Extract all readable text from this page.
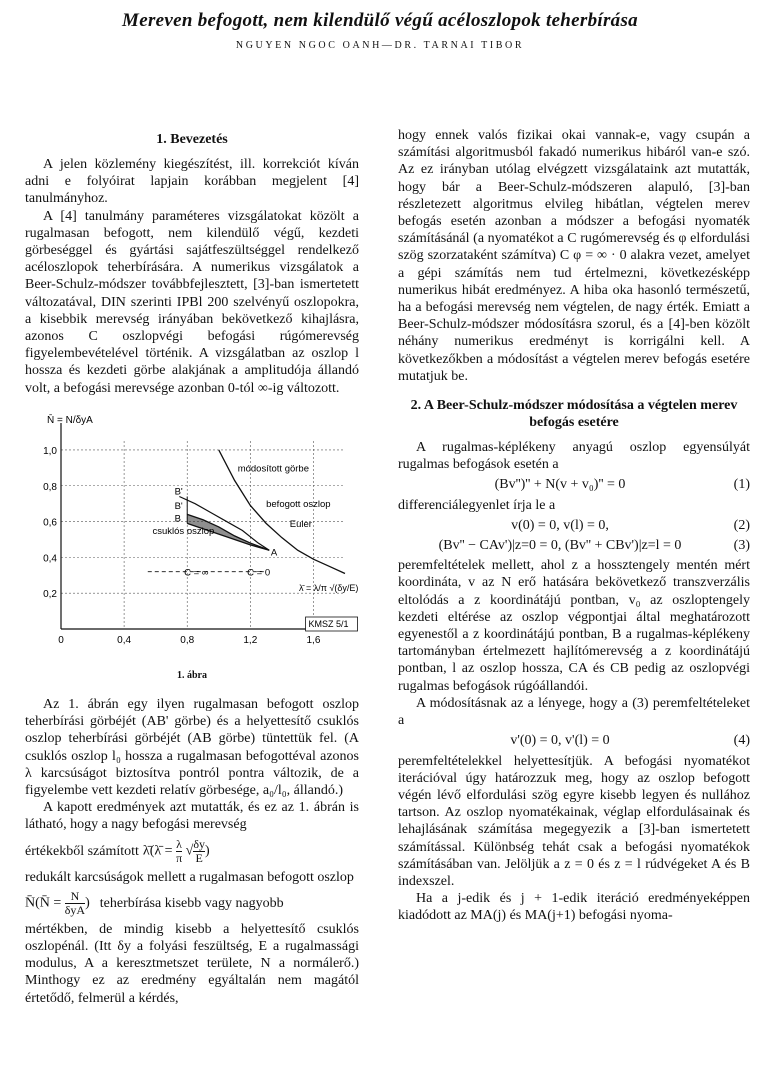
Mereven befogott, nem kilendülő végű acéloszlopok teherbírása
NGUYEN NGOC OANH—DR. TARNAI TIBOR
1. Bevezetés

A jelen közlemény kiegészítést, ill. korrekciót kíván adni e folyóirat lapjain korábban megjelent [4] tanulmányhoz.

A [4] tanulmány paraméteres vizsgálatokat közölt a rugalmasan befogott, nem kilendülő végű, kezdeti görbeséggel és gyártási sajátfeszültséggel rendelkező acéloszlopok teherbírására. A numerikus vizsgálatok a Beer-Schulz-módszer továbbfejlesztett, [3]-ban ismertetett változatával, DIN szerinti IPBl 200 szelvényű oszlopokra, a kisebbik merevség irányában bekövetkező kihajlásra, azonos C oszlopvégi befogási rúgómerevség figyelembevételével történik. A vizsgálatban az oszlop l hossza és kezdeti görbe alakjának a amplitudója állandó volt, a befogási merevsége azonban 0-tól ∞-ig változott.

1,0
0,8
0,6
0,4
0,2
0	0,4	0,8	1,2	1,6
N̄ = N/δyA
λ̄ = λ/π √(δy/E)
módosított görbe
befogott oszlop
Euler
csuklós oszlop
B'
B'
B
A
C = ∞	C = 0
KMSZ 5/1
1. ábra

Az 1. ábrán egy ilyen rugalmasan befogott oszlop teherbírási görbéjét (AB' görbe) és a helyettesítő csuklós oszlop teherbírási görbéjét (AB görbe) tüntettük fel. (A csuklós oszlop l₀ hossza a rugalmasan befogottéval azonos λ karcsúságot biztosítva pontról pontra változik, de a figyelembe vett kezdeti relatív görbesége, a₀/l₀, állandó.)

A kapott eredmények azt mutatták, és ez az 1. ábrán is látható, hogy a nagy befogási merevség

értékekből számított λ̄(λ̄ = $\frac{\lambda}{\pi}$ √ $\frac{\delta y}{E}$ )

redukált karcsúságok mellett a rugalmasan befogott oszlop

N̄(N̄ = $\frac{N}{\text{δyA}}$ ) teherbírása kisebb vagy nagyobb

mértékben, de mindig kisebb a helyettesítő csuklós oszlopénál. (Itt δy a folyási feszültség, E a rugalmassági modulus, A a keresztmetszet területe, N a normálerő.) Minthogy ez az eredmény egyáltalán nem magától értetődő, felmerül a kérdés,

hogy ennek valós fizikai okai vannak-e, vagy csupán a számítási algoritmusból fakadó numerikus hibáról van-e szó. Az ez irányban utólag elvégzett vizsgálataink azt mutatták, hogy bár a Beer-Schulz-módszeren alapuló, [3]-ban részletezett algoritmus elvileg hibátlan, végtelen merev befogás esetén azonban a módszer a befogási nyomaték számításánál (a nyomatékot a C rugómerevség és φ elfordulási szög szorzataként számítva) C φ = ∞ · 0 alakra vezet, amelyet a gépi számítás nem tud értelmezni, következésképp numerikus hibát eredményez. A hiba oka hasonló természetű, ha a befogási merevség nem végtelen, de nagy érték. Emiatt a Beer-Schulz-módszer módosításra szorul, és a [4]-ben közölt néhány numerikus eredményt is korrigálni kell. A következőkben a módosítást a végtelen merev befogás esetére mutatjuk be.

2. A Beer-Schulz-módszer módosítása a végtelen merev befogás esetére

A rugalmas-képlékeny anyagú oszlop egyensúlyát rugalmas befogások esetén a

(Bv'')'' + N(v + v₀)'' = 0	(1)

differenciálegyenlet írja le a

v(0) = 0, v(l) = 0,	(2)
(Bv'' − CAv')|z=0 = 0, (Bv'' + CBv')|z=l = 0	(3)

peremfeltételek mellett, ahol z a hossztengely mentén mért koordináta, v az N erő hatására bekövetkező transzverzális eltolódás a z koordinátájú pontban, v₀ az oszloptengely kezdeti eltérése az oszlop végpontjai által meghatározott egyenestől a z koordinátájú pontban, B a rugalmas-képlékeny tartományban értelmezett hajlítómerevség a z koordinátájú pontban, l az oszlop hossza, CA és CB pedig az oszlopvégi rugalmas befogások rúgóállandói.

A módosításnak az a lényege, hogy a (3) peremfeltételeket a

v'(0) = 0, v'(l) = 0	(4)

peremfeltételekkel helyettesítjük. A befogási nyomatékot iterációval úgy határozzuk meg, hogy az oszlop befogott végén lévő elfordulási szög egyre kisebb legyen és nullához tartson. Az oszlop nyomatékainak, véglap elfordulásainak és lehajlásának számítása megegyezik a [3]-ban ismertetett számítással. Különbség tehát csak a befogási nyomatékok számításában van. Jelöljük a z = 0 és z = l rúdvégeket A és B indexszel.

Ha a j-edik és j + 1-edik iteráció eredményeképpen kiadódott az MA(j) és MA(j+1) befogási nyoma-
